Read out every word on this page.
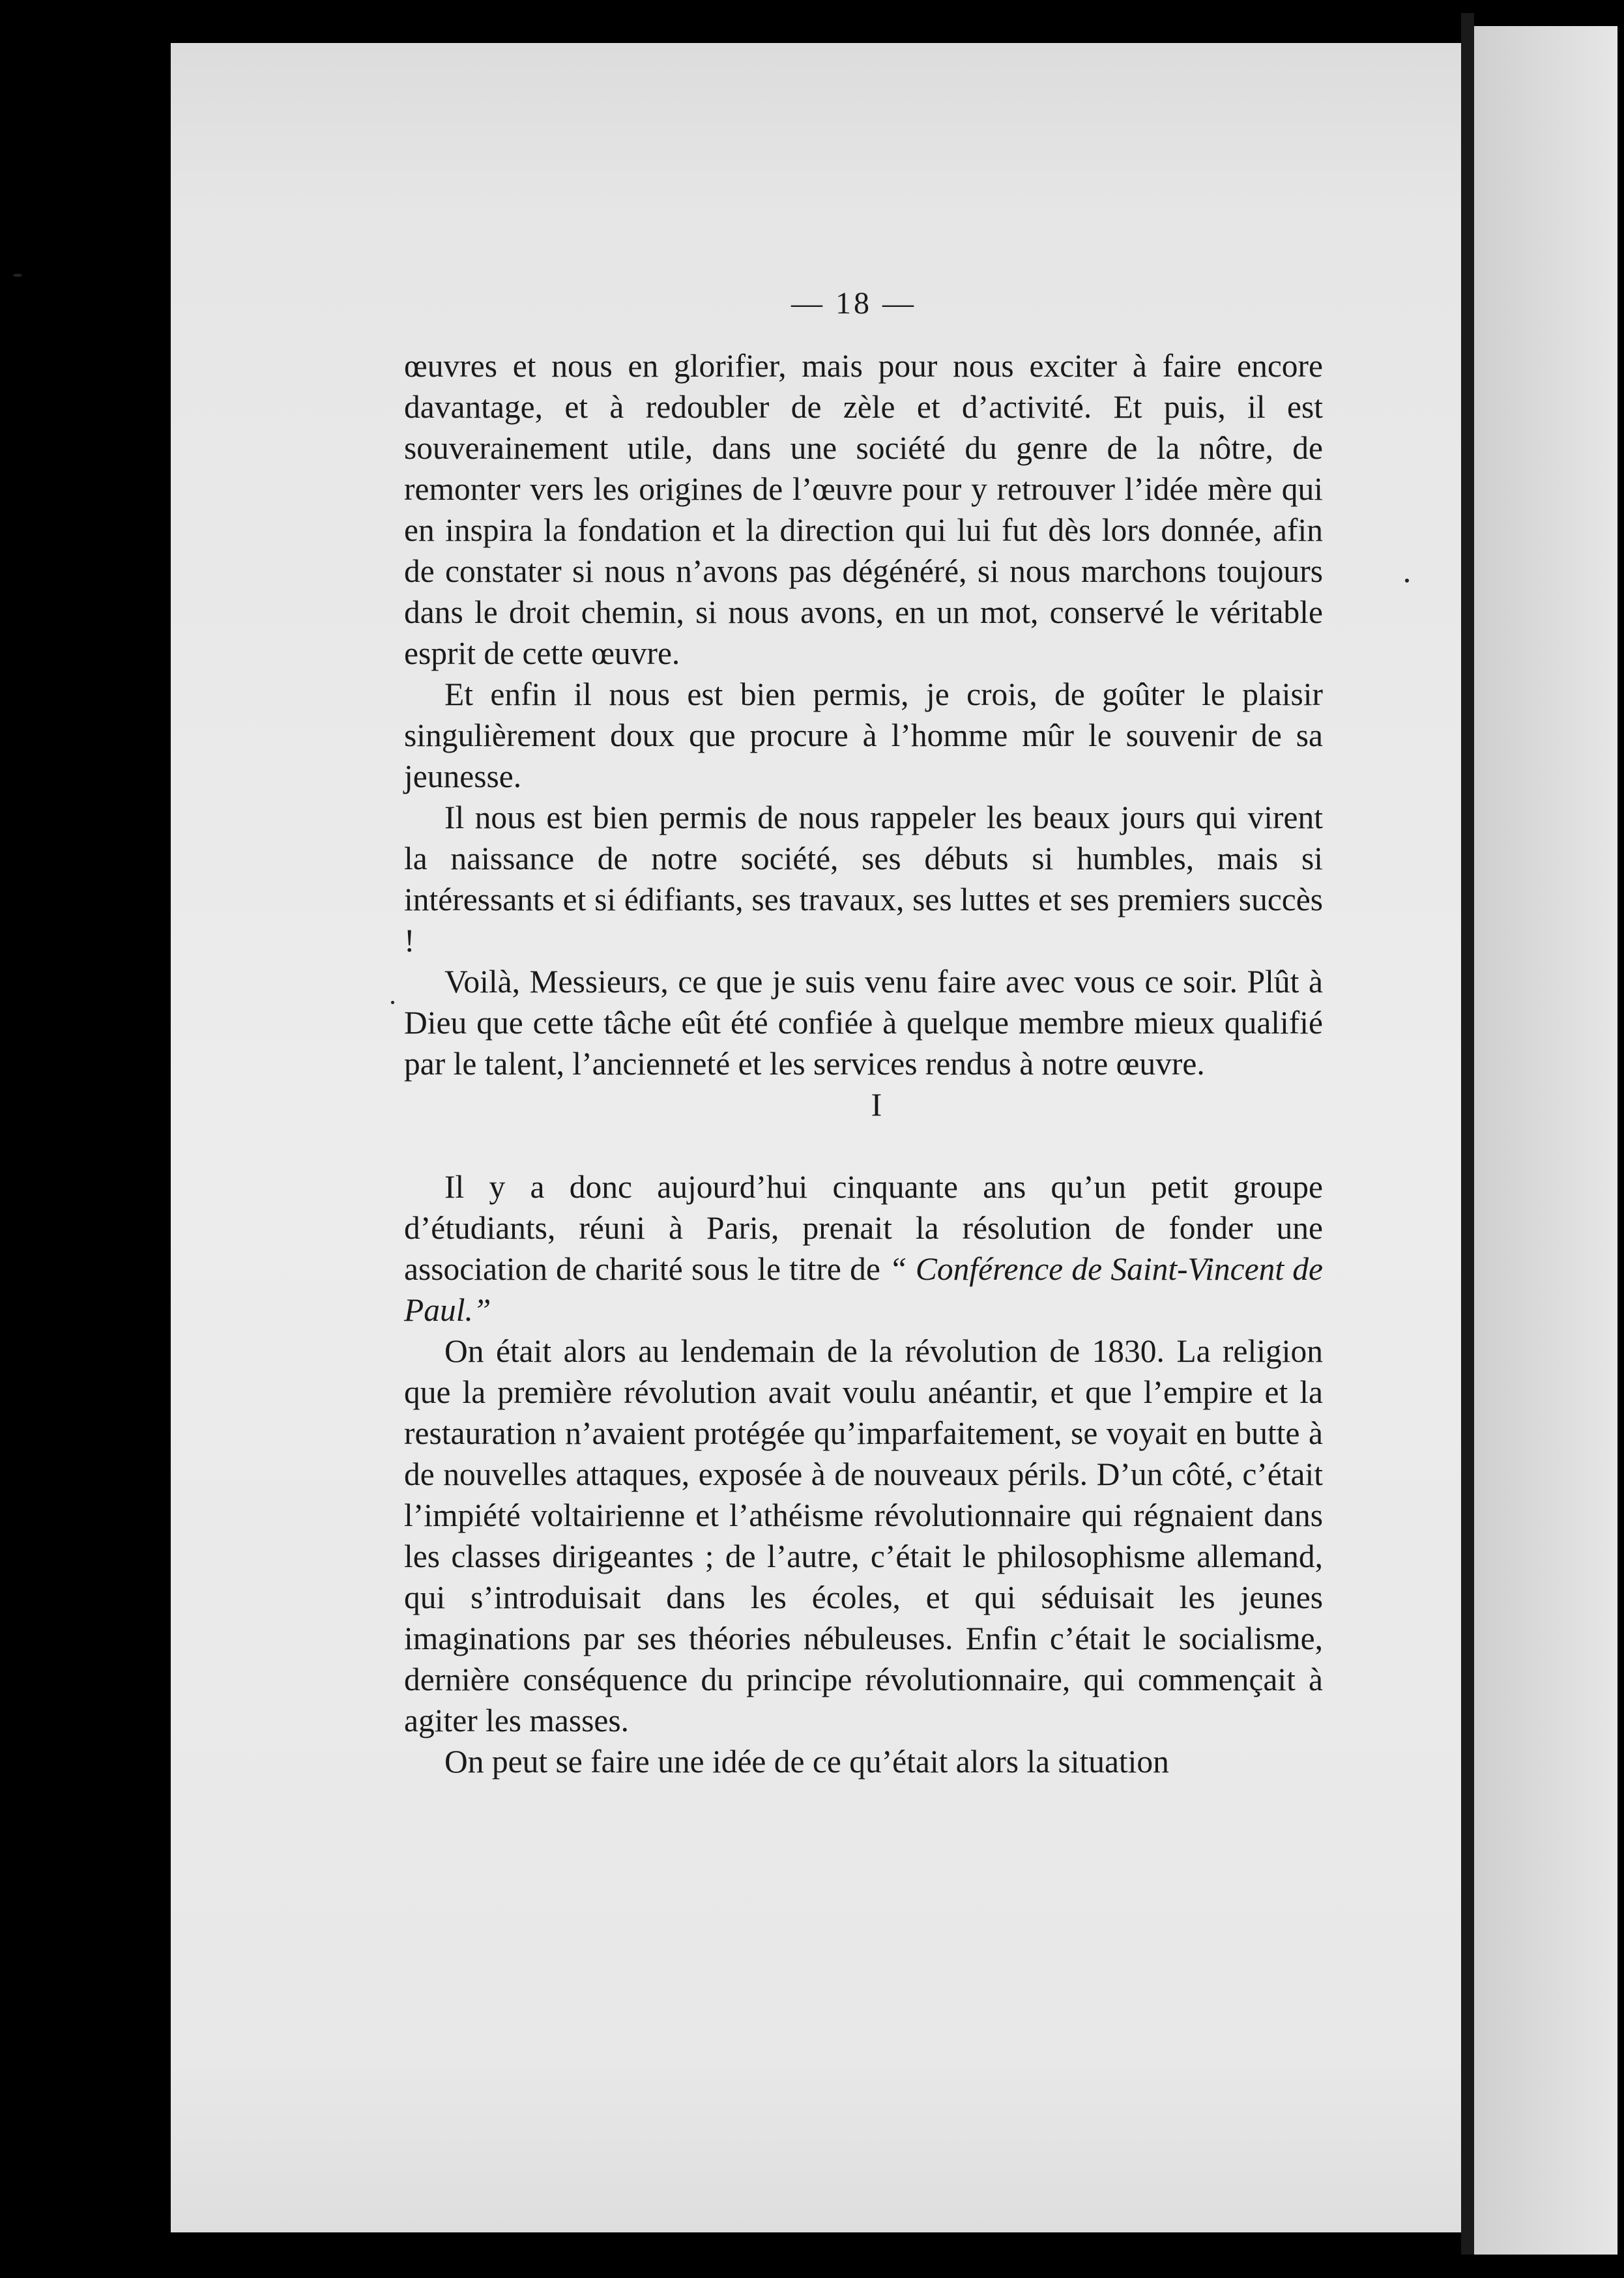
— 18 —

œuvres et nous en glorifier, mais pour nous exciter à faire encore davantage, et à redoubler de zèle et d’activité. Et puis, il est souverainement utile, dans une société du genre de la nôtre, de remonter vers les origines de l’œuvre pour y retrouver l’idée mère qui en inspira la fondation et la direction qui lui fut dès lors donnée, afin de constater si nous n’avons pas dégénéré, si nous marchons toujours dans le droit chemin, si nous avons, en un mot, conservé le véritable esprit de cette œuvre.

Et enfin il nous est bien permis, je crois, de goûter le plaisir singulièrement doux que procure à l’homme mûr le souvenir de sa jeunesse.

Il nous est bien permis de nous rappeler les beaux jours qui virent la naissance de notre société, ses débuts si humbles, mais si intéressants et si édifiants, ses travaux, ses luttes et ses premiers succès !

Voilà, Messieurs, ce que je suis venu faire avec vous ce soir. Plût à Dieu que cette tâche eût été confiée à quelque membre mieux qualifié par le talent, l’ancienneté et les services rendus à notre œuvre.

I

Il y a donc aujourd’hui cinquante ans qu’un petit groupe d’étudiants, réuni à Paris, prenait la résolution de fonder une association de charité sous le titre de “ Conférence de Saint-Vincent de Paul.”

On était alors au lendemain de la révolution de 1830. La religion que la première révolution avait voulu anéantir, et que l’empire et la restauration n’avaient protégée qu’imparfaitement, se voyait en butte à de nouvelles attaques, exposée à de nouveaux périls. D’un côté, c’était l’impiété voltairienne et l’athéisme révolutionnaire qui régnaient dans les classes dirigeantes ; de l’autre, c’était le philosophisme allemand, qui s’introduisait dans les écoles, et qui séduisait les jeunes imaginations par ses théories nébuleuses. Enfin c’était le socialisme, dernière conséquence du principe révolutionnaire, qui commençait à agiter les masses.

On peut se faire une idée de ce qu’était alors la situation
